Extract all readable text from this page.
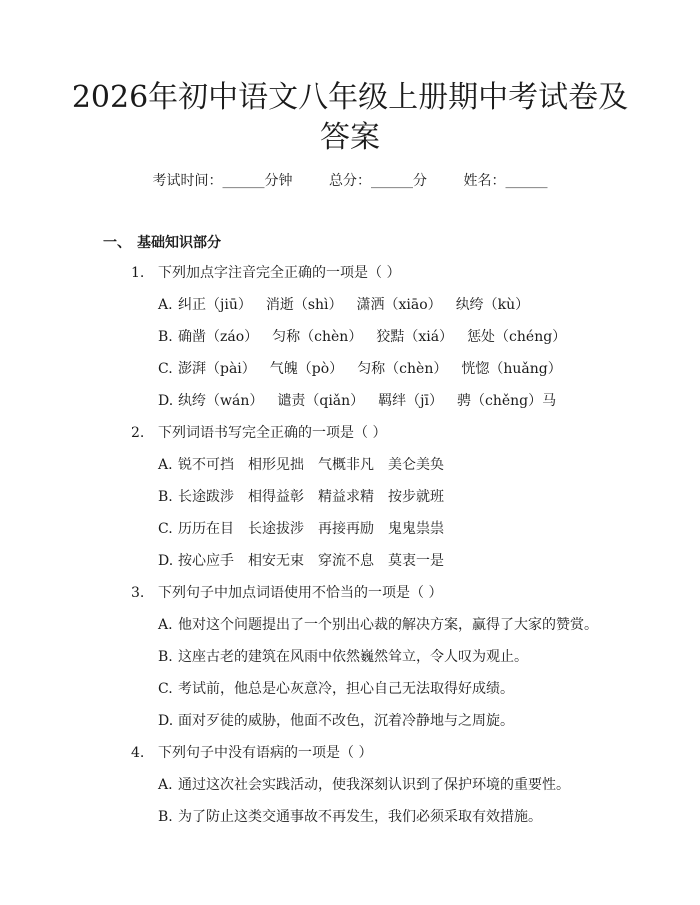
2026年初中语文八年级上册期中考试卷及答案
考试时间：______分钟	总分：______分	姓名：______
一、 基础知识部分
1. 下列加点字注音完全正确的一项是（ ）
A. 纠正（jiū） 消逝（shì） 潇洒（xiāo） 纨绔（kù）
B. 确凿（záo） 匀称（chèn） 狡黠（xiá） 惩处（chéng）
C. 澎湃（pài） 气魄（pò） 匀称（chèn） 恍惚（huǎng）
D. 纨绔（wán） 谴责（qiǎn） 羁绊（jī） 骋（chěng）马
2. 下列词语书写完全正确的一项是（ ）
A. 锐不可挡 相形见拙 气概非凡 美仑美奂
B. 长途跋涉 相得益彰 精益求精 按步就班
C. 历历在目 长途拔涉 再接再励 鬼鬼祟祟
D. 按心应手 相安无束 穿流不息 莫衷一是
3. 下列句子中加点词语使用不恰当的一项是（ ）
A. 他对这个问题提出了一个别出心裁的解决方案，赢得了大家的赞赏。
B. 这座古老的建筑在风雨中依然巍然耸立，令人叹为观止。
C. 考试前，他总是心灰意冷，担心自己无法取得好成绩。
D. 面对歹徒的威胁，他面不改色，沉着冷静地与之周旋。
4. 下列句子中没有语病的一项是（ ）
A. 通过这次社会实践活动，使我深刻认识到了保护环境的重要性。
B. 为了防止这类交通事故不再发生，我们必须采取有效措施。
